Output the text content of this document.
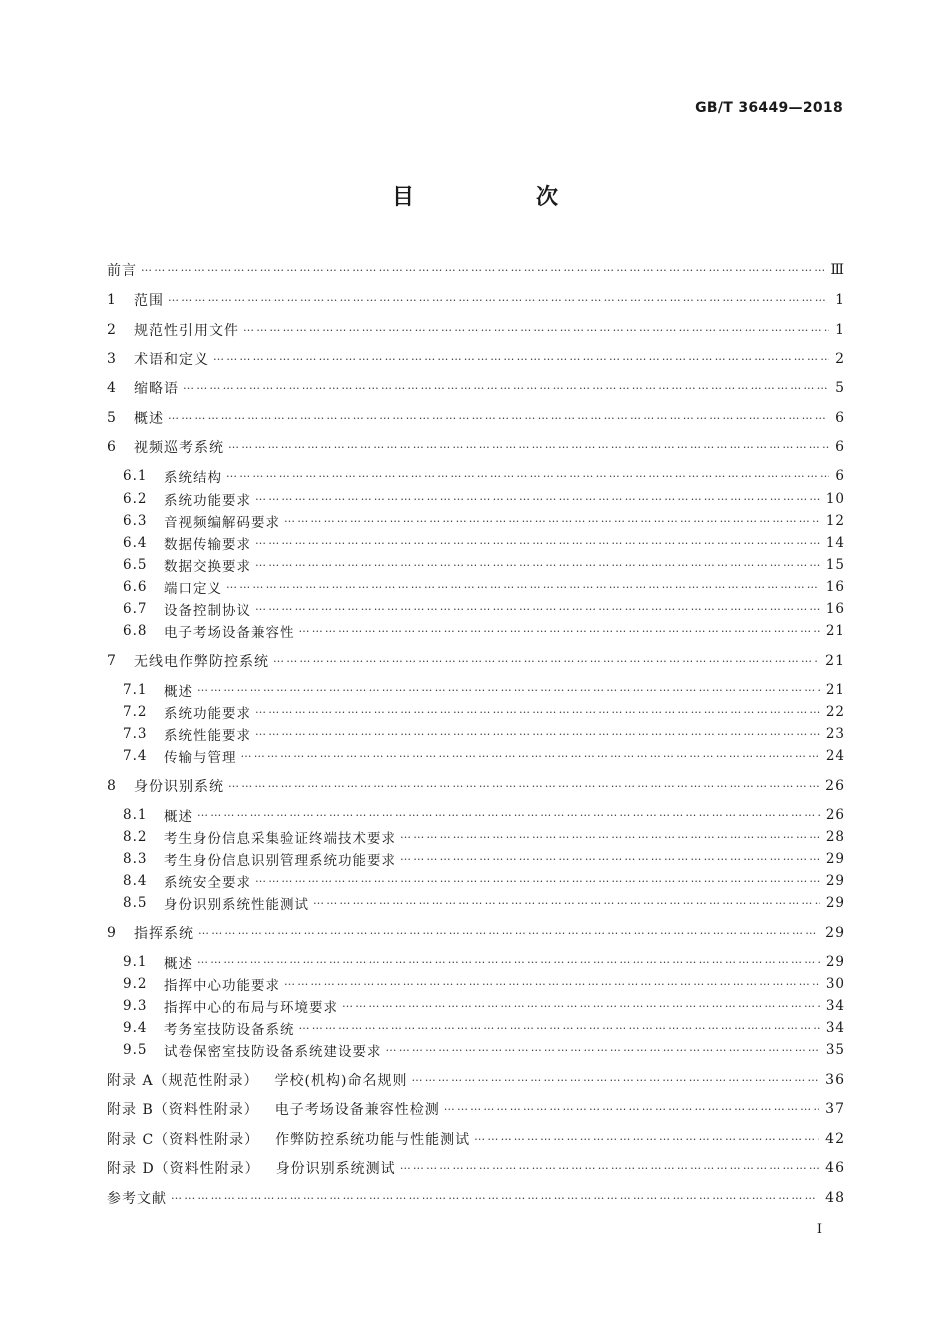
GB/T 36449—2018
目　次
前言 ………………………………………………………………………………………………………………………………………………………………………………………………………………………………………………………………………………………………………	Ⅲ
1	范围 ………………………………………………………………………………………………………………………………………………………………………………………………………………………………………………………………………………………………………	1
2	规范性引用文件 ………………………………………………………………………………………………………………………………………………………………………………………………………………………………………………………………………………………………………	1
3	术语和定义 ………………………………………………………………………………………………………………………………………………………………………………………………………………………………………………………………………………………………………	2
4	缩略语 ………………………………………………………………………………………………………………………………………………………………………………………………………………………………………………………………………………………………………	5
5	概述 ………………………………………………………………………………………………………………………………………………………………………………………………………………………………………………………………………………………………………	6
6	视频巡考系统 ………………………………………………………………………………………………………………………………………………………………………………………………………………………………………………………………………………………………………	6
6.1	系统结构 ………………………………………………………………………………………………………………………………………………………………………………………………………………………………………………………………………………………………………	6
6.2	系统功能要求 ………………………………………………………………………………………………………………………………………………………………………………………………………………………………………………………………………………………………………	10
6.3	音视频编解码要求 ………………………………………………………………………………………………………………………………………………………………………………………………………………………………………………………………………………………………………	12
6.4	数据传输要求 ………………………………………………………………………………………………………………………………………………………………………………………………………………………………………………………………………………………………………	14
6.5	数据交换要求 ………………………………………………………………………………………………………………………………………………………………………………………………………………………………………………………………………………………………………	15
6.6	端口定义 ………………………………………………………………………………………………………………………………………………………………………………………………………………………………………………………………………………………………………	16
6.7	设备控制协议 ………………………………………………………………………………………………………………………………………………………………………………………………………………………………………………………………………………………………………	16
6.8	电子考场设备兼容性 ………………………………………………………………………………………………………………………………………………………………………………………………………………………………………………………………………………………………………	21
7	无线电作弊防控系统 ………………………………………………………………………………………………………………………………………………………………………………………………………………………………………………………………………………………………………	21
7.1	概述 ………………………………………………………………………………………………………………………………………………………………………………………………………………………………………………………………………………………………………	21
7.2	系统功能要求 ………………………………………………………………………………………………………………………………………………………………………………………………………………………………………………………………………………………………………	22
7.3	系统性能要求 ………………………………………………………………………………………………………………………………………………………………………………………………………………………………………………………………………………………………………	23
7.4	传输与管理 ………………………………………………………………………………………………………………………………………………………………………………………………………………………………………………………………………………………………………	24
8	身份识别系统 ………………………………………………………………………………………………………………………………………………………………………………………………………………………………………………………………………………………………………	26
8.1	概述 ………………………………………………………………………………………………………………………………………………………………………………………………………………………………………………………………………………………………………	26
8.2	考生身份信息采集验证终端技术要求 ………………………………………………………………………………………………………………………………………………………………………………………………………………………………………………………………………………………………………	28
8.3	考生身份信息识别管理系统功能要求 ………………………………………………………………………………………………………………………………………………………………………………………………………………………………………………………………………………………………………	29
8.4	系统安全要求 ………………………………………………………………………………………………………………………………………………………………………………………………………………………………………………………………………………………………………	29
8.5	身份识别系统性能测试 ………………………………………………………………………………………………………………………………………………………………………………………………………………………………………………………………………………………………………	29
9	指挥系统 ………………………………………………………………………………………………………………………………………………………………………………………………………………………………………………………………………………………………………	29
9.1	概述 ………………………………………………………………………………………………………………………………………………………………………………………………………………………………………………………………………………………………………	29
9.2	指挥中心功能要求 ………………………………………………………………………………………………………………………………………………………………………………………………………………………………………………………………………………………………………	30
9.3	指挥中心的布局与环境要求 ………………………………………………………………………………………………………………………………………………………………………………………………………………………………………………………………………………………………………	34
9.4	考务室技防设备系统 ………………………………………………………………………………………………………………………………………………………………………………………………………………………………………………………………………………………………………	34
9.5	试卷保密室技防设备系统建设要求 ………………………………………………………………………………………………………………………………………………………………………………………………………………………………………………………………………………………………………	35
附录 A（规范性附录） 学校(机构)命名规则 ………………………………………………………………………………………………………………………………………………………………………………………………………………………………………………………………………………………………………	36
附录 B（资料性附录） 电子考场设备兼容性检测 ………………………………………………………………………………………………………………………………………………………………………………………………………………………………………………………………………………………………………	37
附录 C（资料性附录） 作弊防控系统功能与性能测试 ………………………………………………………………………………………………………………………………………………………………………………………………………………………………………………………………………………………………………	42
附录 D（资料性附录） 身份识别系统测试 ………………………………………………………………………………………………………………………………………………………………………………………………………………………………………………………………………………………………………	46
参考文献 ………………………………………………………………………………………………………………………………………………………………………………………………………………………………………………………………………………………………………	48
I
